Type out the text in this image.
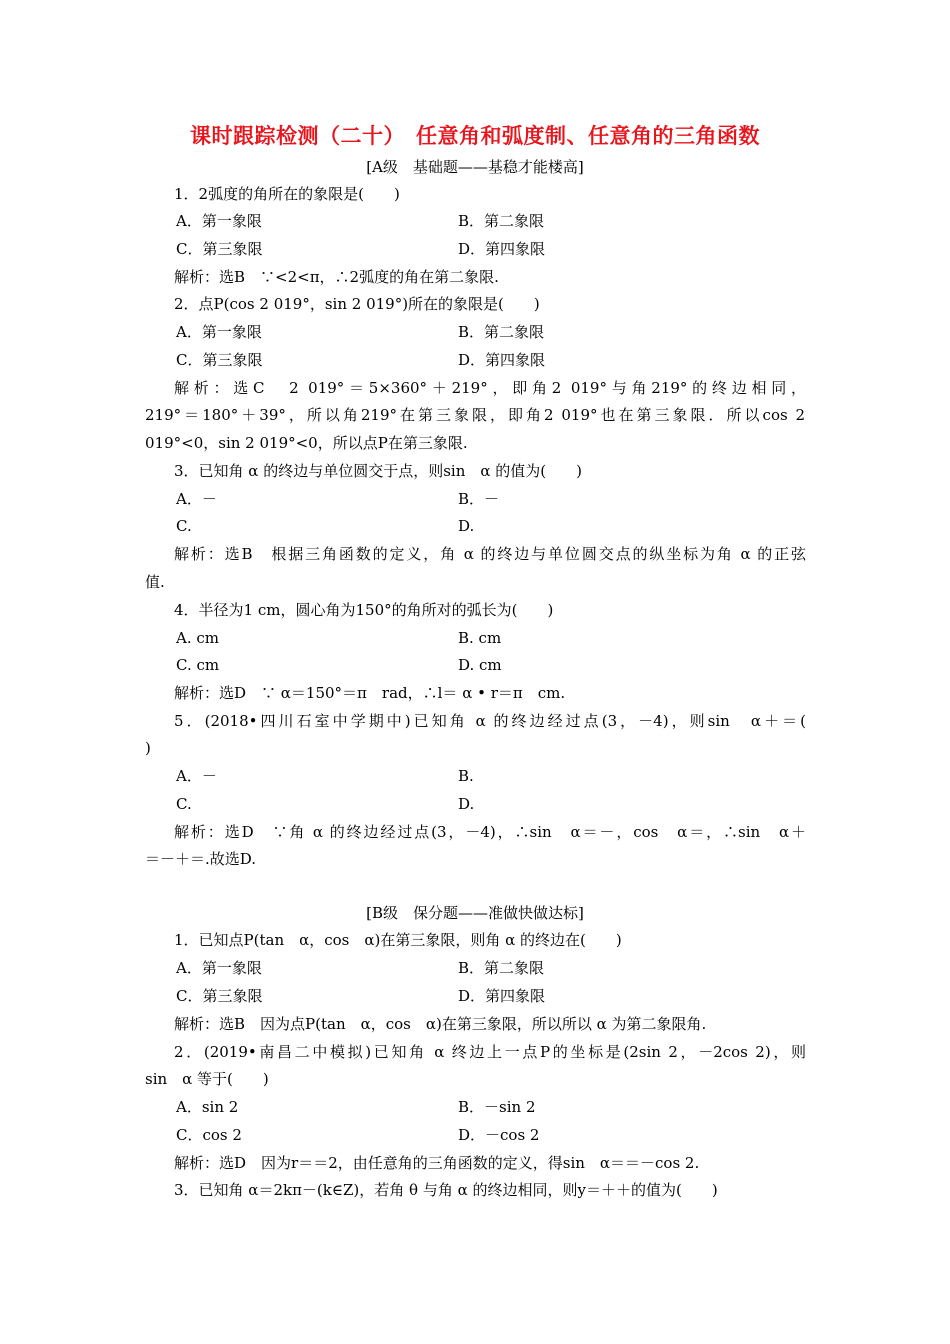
课时跟踪检测（二十）　任意角和弧度制、任意角的三角函数
[A级　基础题——基稳才能楼高]
1．2弧度的角所在的象限是(　　)
A．第一象限	B．第二象限
C．第三象限	D．第四象限
解析：选B　∵<2<π，∴2弧度的角在第二象限.
2．点P(cos 2 019°，sin 2 019°)所在的象限是(　　)
A．第一象限	B．第二象限
C．第三象限	D．第四象限
解析：选C　2 019°＝5×360°＋219°，即角2 019°与角219°的终边相同，
219°＝180°＋39°，所以角219°在第三象限，即角2 019°也在第三象限．所以cos 2
019°<0，sin 2 019°<0，所以点P在第三象限.
3．已知角 α 的终边与单位圆交于点，则sin　α 的值为(　　)
A．－	B．－
C.	D.
解析：选B　根据三角函数的定义，角 α 的终边与单位圆交点的纵坐标为角 α 的正弦
值.
4．半径为1 cm，圆心角为150°的角所对的弧长为(　　)
A. cm	B. cm
C. cm	D. cm
解析：选D　∵ α＝150°＝π　rad，∴l＝ α • r＝π　cm.
5．(2018•四川石室中学期中)已知角 α 的终边经过点(3，－4)，则sin　α＋＝(
)
A．－	B.
C.	D.
解析：选D　∵角 α 的终边经过点(3，－4)，∴sin　α＝－，cos　α＝，∴sin　α＋
＝－＋＝.故选D.
[B级　保分题——准做快做达标]
1．已知点P(tan　α，cos　α)在第三象限，则角 α 的终边在(　　)
A．第一象限	B．第二象限
C．第三象限	D．第四象限
解析：选B　因为点P(tan　α，cos　α)在第三象限，所以所以 α 为第二象限角.
2．(2019•南昌二中模拟)已知角 α 终边上一点P的坐标是(2sin 2，－2cos 2)，则
sin　α 等于(　　)
A．sin 2	B．－sin 2
C．cos 2	D．－cos 2
解析：选D　因为r＝＝2，由任意角的三角函数的定义，得sin　α＝＝－cos 2.
3．已知角 α＝2kπ－(k∈Z)，若角 θ 与角 α 的终边相同，则y＝＋＋的值为(　　)
